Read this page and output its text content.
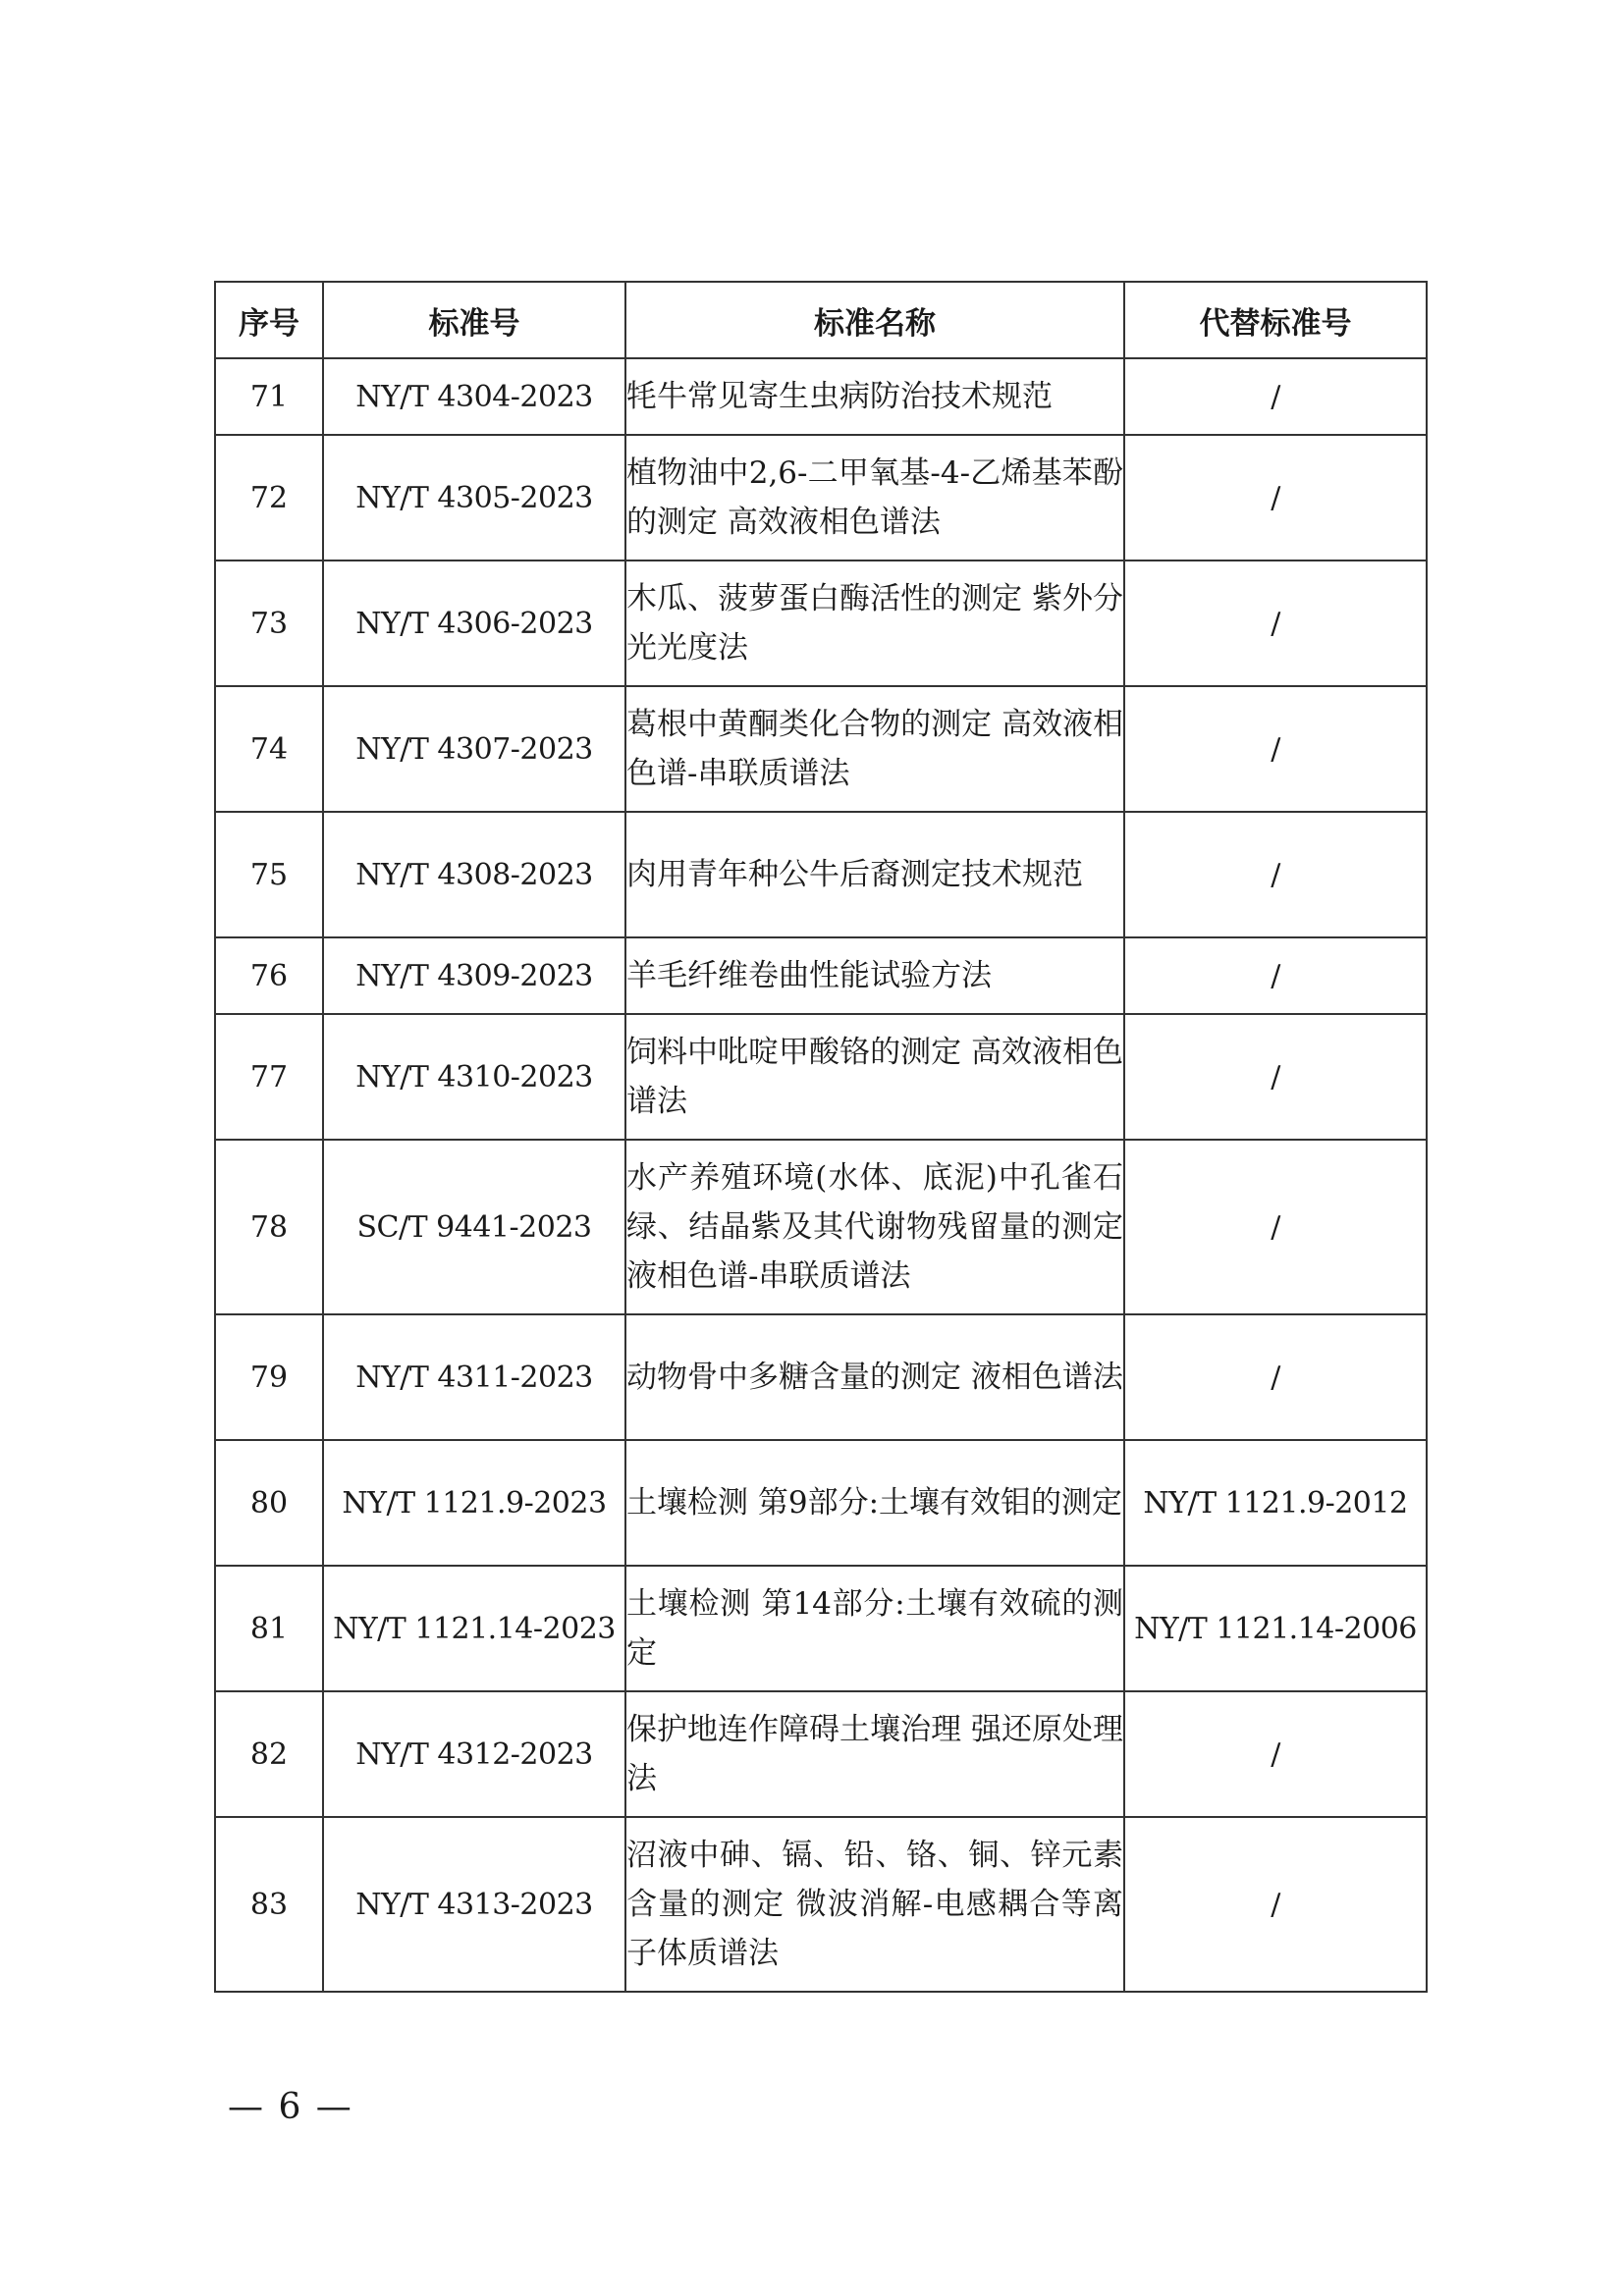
序号	标准号	标准名称	代替标准号
71	NY/T 4304-2023	牦牛常见寄生虫病防治技术规范	/
72	NY/T 4305-2023	植物油中2,6-二甲氧基-4-乙烯基苯酚的测定 高效液相色谱法	/
73	NY/T 4306-2023	木瓜、菠萝蛋白酶活性的测定 紫外分光光度法	/
74	NY/T 4307-2023	葛根中黄酮类化合物的测定 高效液相色谱-串联质谱法	/
75	NY/T 4308-2023	肉用青年种公牛后裔测定技术规范	/
76	NY/T 4309-2023	羊毛纤维卷曲性能试验方法	/
77	NY/T 4310-2023	饲料中吡啶甲酸铬的测定 高效液相色谱法	/
78	SC/T 9441-2023	水产养殖环境(水体、底泥)中孔雀石绿、结晶紫及其代谢物残留量的测定 液相色谱-串联质谱法	/
79	NY/T 4311-2023	动物骨中多糖含量的测定 液相色谱法	/
80	NY/T 1121.9-2023	土壤检测 第9部分:土壤有效钼的测定	NY/T 1121.9-2012
81	NY/T 1121.14-2023	土壤检测 第14部分:土壤有效硫的测定	NY/T 1121.14-2006
82	NY/T 4312-2023	保护地连作障碍土壤治理 强还原处理法	/
83	NY/T 4313-2023	沼液中砷、镉、铅、铬、铜、锌元素含量的测定 微波消解-电感耦合等离子体质谱法	/
— 6 —
